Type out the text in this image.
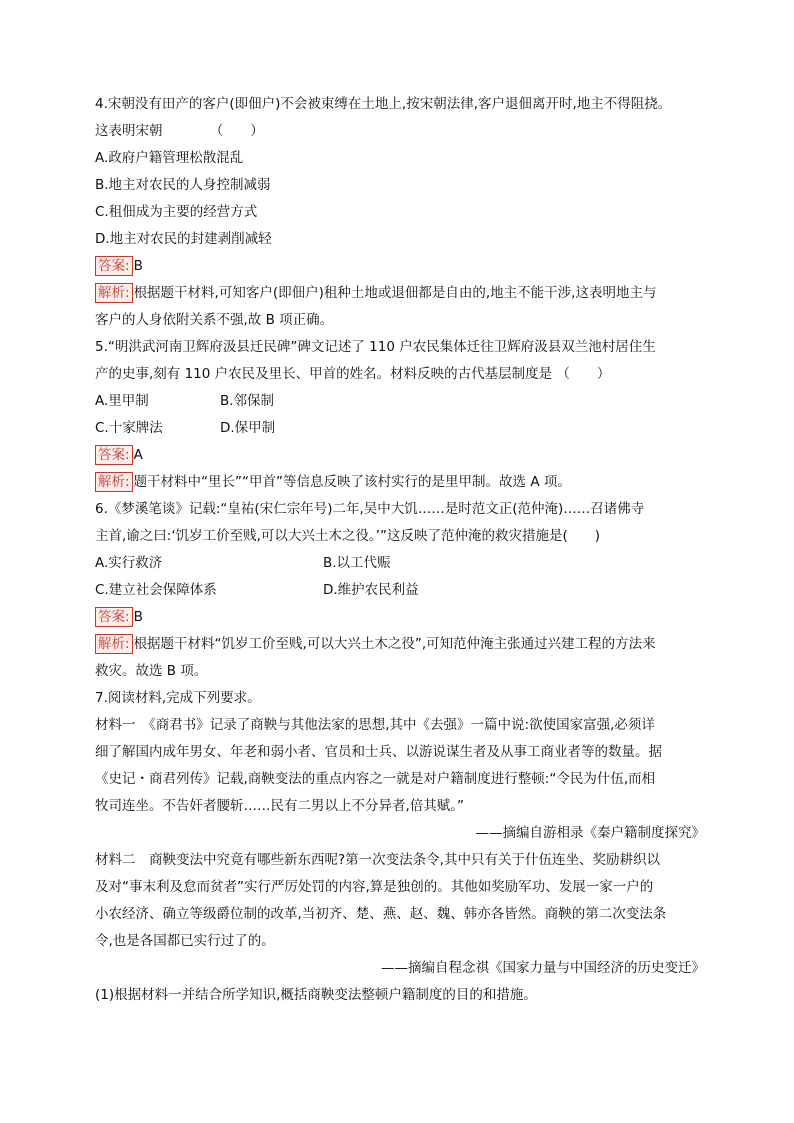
4.宋朝没有田产的客户(即佃户)不会被束缚在土地上,按宋朝法律,客户退佃离开时,地主不得阻挠。
这表明宋朝　　　　（　　）
A.政府户籍管理松散混乱
B.地主对农民的人身控制减弱
C.租佃成为主要的经营方式
D.地主对农民的封建剥削减轻
答案: B
解析: 根据题干材料,可知客户(即佃户)租种土地或退佃都是自由的,地主不能干涉,这表明地主与
客户的人身依附关系不强,故 B 项正确。
5.“明洪武河南卫辉府汲县迁民碑”碑文记述了 110 户农民集体迁往卫辉府汲县双兰池村居住生
产的史事,刻有 110 户农民及里长、甲首的姓名。材料反映的古代基层制度是 （　　）
A.里甲制	B.邻保制
C.十家牌法	D.保甲制
答案: A
解析: 题干材料中“里长”“甲首”等信息反映了该村实行的是里甲制。故选 A 项。
6.《梦溪笔谈》记载:“皇祐(宋仁宗年号)二年,吴中大饥……是时范文正(范仲淹)……召诸佛寺
主首,谕之曰:‘饥岁工价至贱,可以大兴土木之役。’”这反映了范仲淹的救灾措施是(　　)
A.实行救济	B.以工代赈
C.建立社会保障体系	D.维护农民利益
答案: B
解析: 根据题干材料“饥岁工价至贱,可以大兴土木之役”,可知范仲淹主张通过兴建工程的方法来
救灾。故选 B 项。
7.阅读材料,完成下列要求。
材料一　《商君书》记录了商鞅与其他法家的思想,其中《去强》一篇中说:欲使国家富强,必须详
细了解国内成年男女、年老和弱小者、官员和士兵、以游说谋生者及从事工商业者等的数量。据
《史记・商君列传》记载,商鞅变法的重点内容之一就是对户籍制度进行整顿:“令民为什伍,而相
牧司连坐。不告奸者腰斩……民有二男以上不分异者,倍其赋。”
——摘编自游相录《秦户籍制度探究》
材料二　商鞅变法中究竟有哪些新东西呢?第一次变法条令,其中只有关于什伍连坐、奖励耕织以
及对“事末利及怠而贫者”实行严厉处罚的内容,算是独创的。其他如奖励军功、发展一家一户的
小农经济、确立等级爵位制的改革,当初齐、楚、燕、赵、魏、韩亦各皆然。商鞅的第二次变法条
令,也是各国都已实行过了的。
——摘编自程念祺《国家力量与中国经济的历史变迁》
(1)根据材料一并结合所学知识,概括商鞅变法整顿户籍制度的目的和措施。
